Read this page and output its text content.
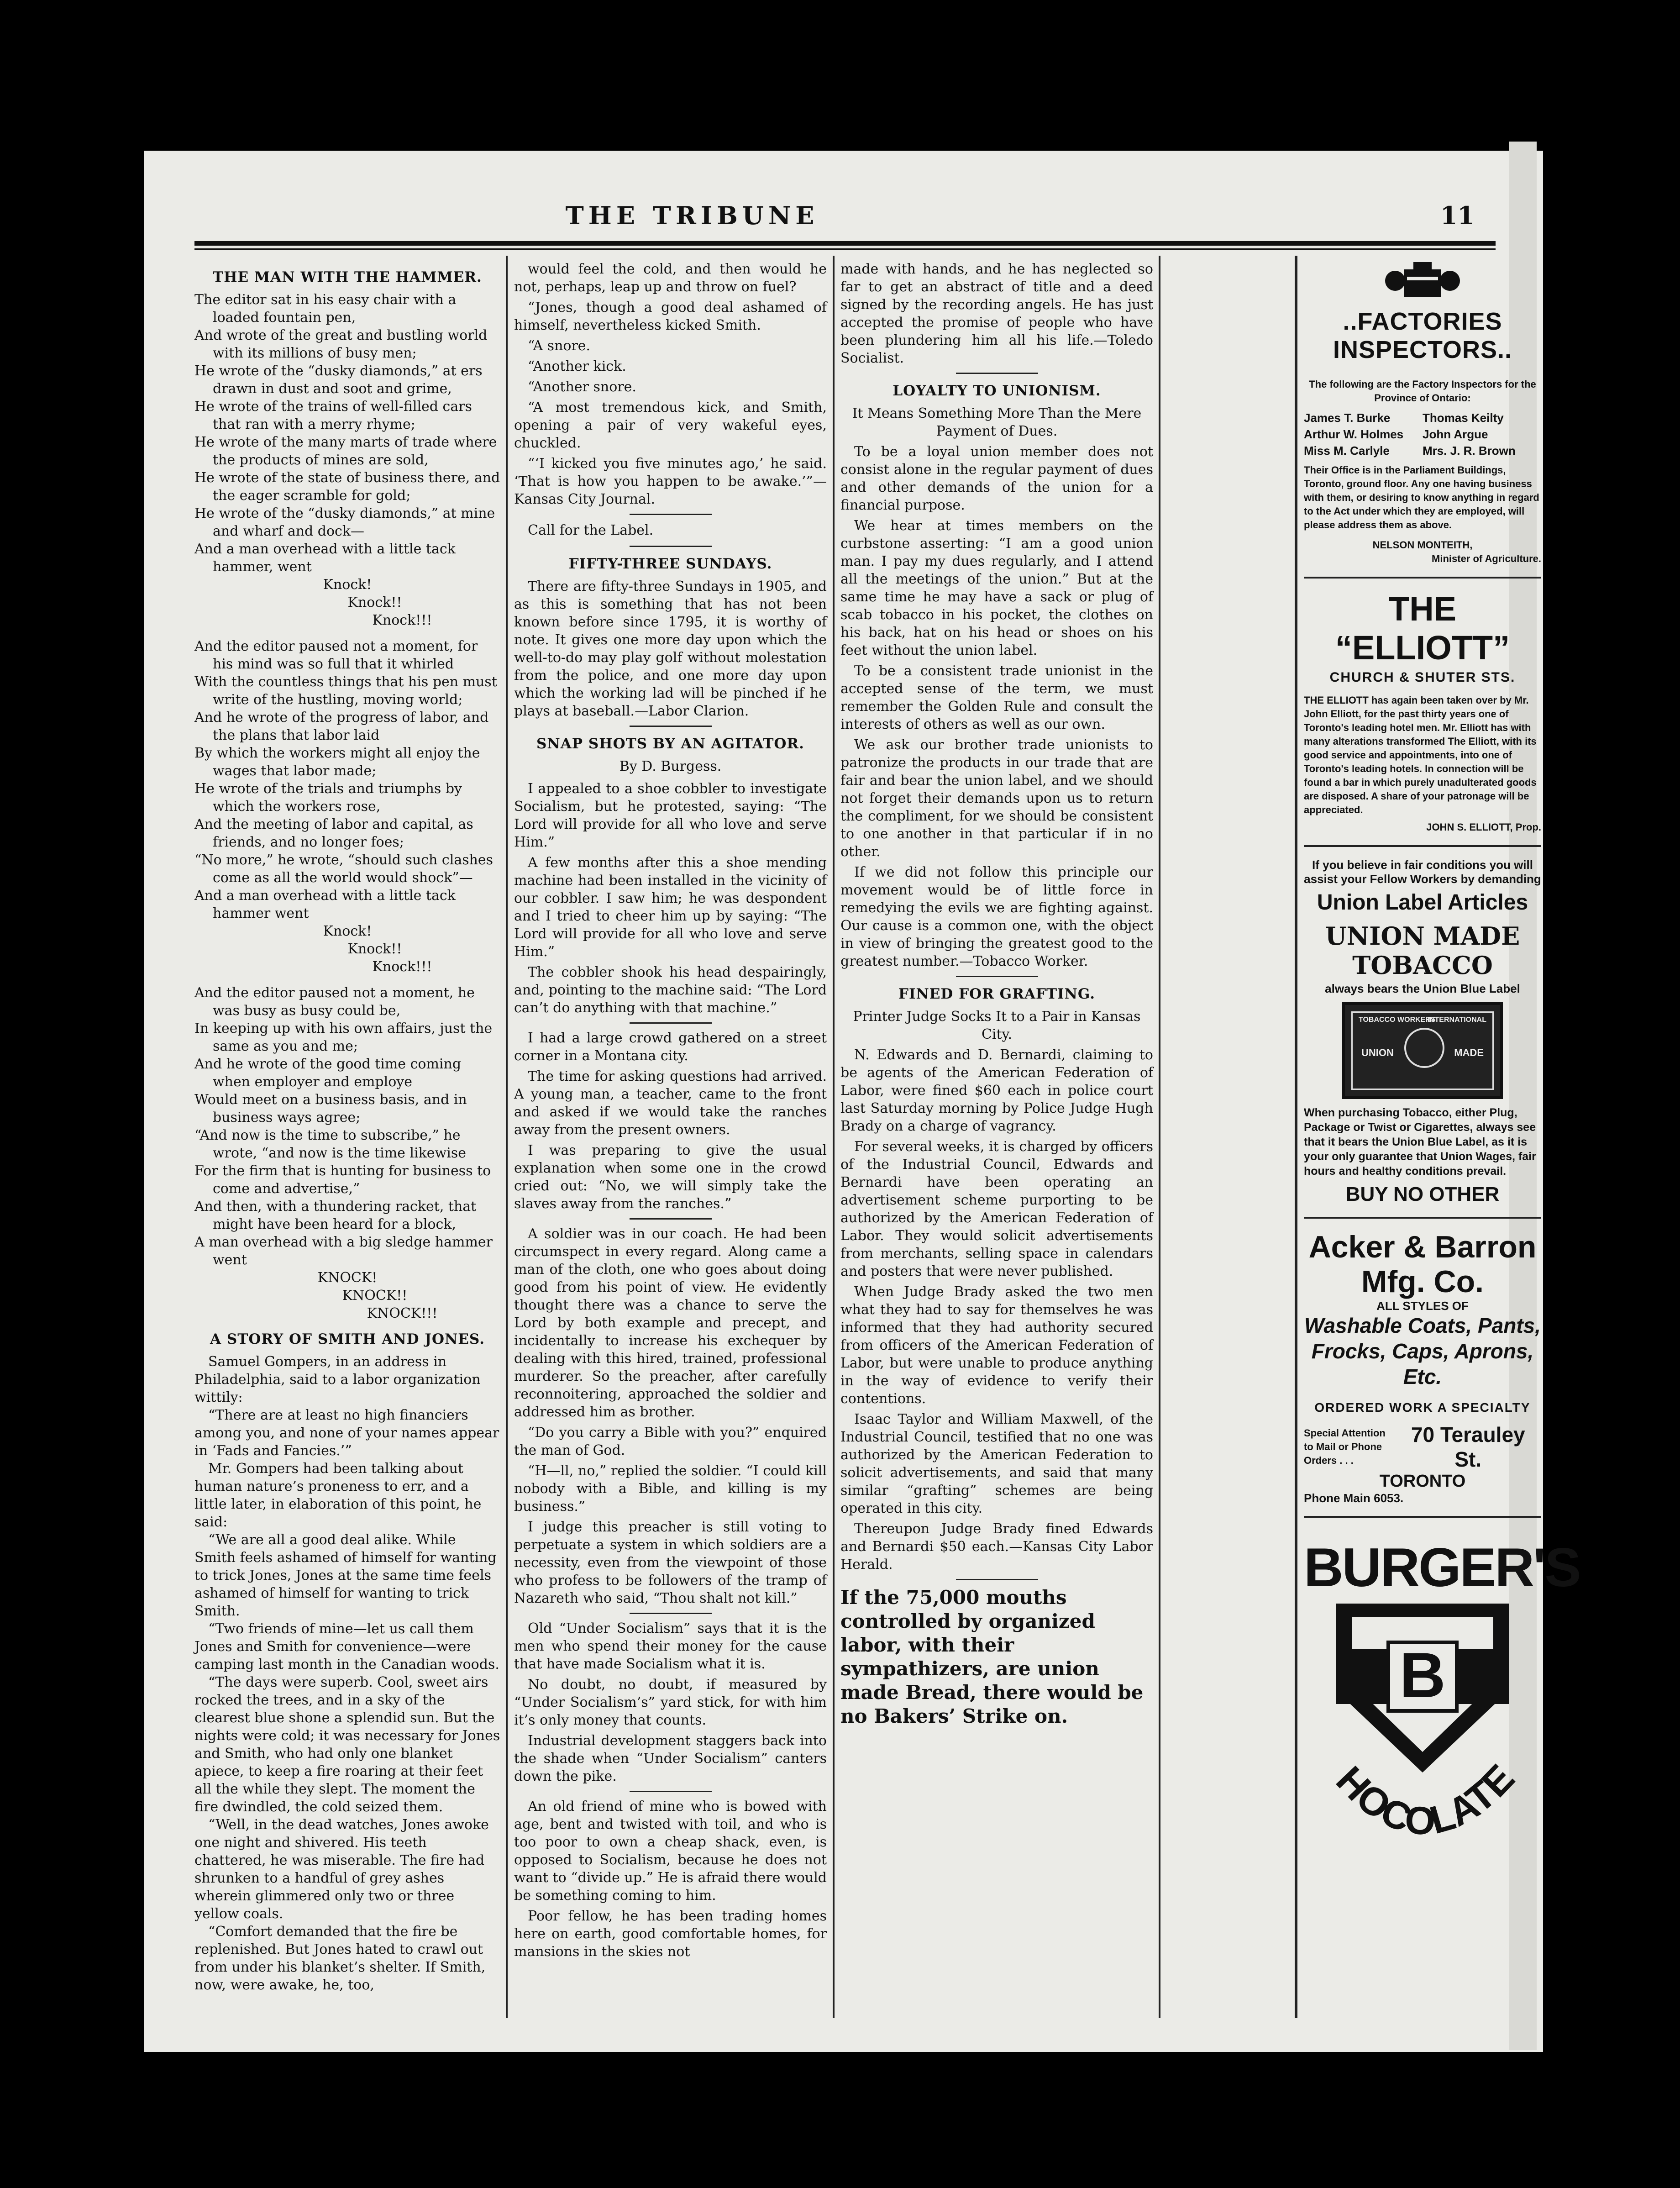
THE TRIBUNE	11
THE MAN WITH THE HAMMER.

The editor sat in his easy chair with a loaded fountain pen,

And wrote of the great and bustling world with its millions of busy men;

He wrote of the “dusky diamonds,” at ers drawn in dust and soot and grime,

He wrote of the trains of well-filled cars that ran with a merry rhyme;

He wrote of the many marts of trade where the products of mines are sold,

He wrote of the state of business there, and the eager scramble for gold;

He wrote of the “dusky diamonds,” at mine and wharf and dock—

And a man overhead with a little tack hammer, went

Knock!
Knock!!
Knock!!!

And the editor paused not a moment, for his mind was so full that it whirled

With the countless things that his pen must write of the hustling, moving world;

And he wrote of the progress of labor, and the plans that labor laid

By which the workers might all enjoy the wages that labor made;

He wrote of the trials and triumphs by which the workers rose,

And the meeting of labor and capital, as friends, and no longer foes;

“No more,” he wrote, “should such clashes come as all the world would shock”—

And a man overhead with a little tack hammer went

Knock!
Knock!!
Knock!!!

And the editor paused not a moment, he was busy as busy could be,

In keeping up with his own affairs, just the same as you and me;

And he wrote of the good time coming when employer and employe

Would meet on a business basis, and in business ways agree;

“And now is the time to subscribe,” he wrote, “and now is the time likewise

For the firm that is hunting for business to come and advertise,”

And then, with a thundering racket, that might have been heard for a block,

A man overhead with a big sledge hammer went

KNOCK!
KNOCK!!
KNOCK!!!
A STORY OF SMITH AND JONES.

Samuel Gompers, in an address in Philadelphia, said to a labor organization wittily:

“There are at least no high financiers among you, and none of your names appear in ‘Fads and Fancies.’”

Mr. Gompers had been talking about human nature’s proneness to err, and a little later, in elaboration of this point, he said:

“We are all a good deal alike. While Smith feels ashamed of himself for wanting to trick Jones, Jones at the same time feels ashamed of himself for wanting to trick Smith.

“Two friends of mine—let us call them Jones and Smith for convenience—were camping last month in the Canadian woods.

“The days were superb. Cool, sweet airs rocked the trees, and in a sky of the clearest blue shone a splendid sun. But the nights were cold; it was necessary for Jones and Smith, who had only one blanket apiece, to keep a fire roaring at their feet all the while they slept. The moment the fire dwindled, the cold seized them.

“Well, in the dead watches, Jones awoke one night and shivered. His teeth chattered, he was miserable. The fire had shrunken to a handful of grey ashes wherein glimmered only two or three yellow coals.

“Comfort demanded that the fire be replenished. But Jones hated to crawl out from under his blanket’s shelter. If Smith, now, were awake, he, too,

would feel the cold, and then would he not, perhaps, leap up and throw on fuel?

“Jones, though a good deal ashamed of himself, nevertheless kicked Smith.

“A snore.

“Another kick.

“Another snore.

“A most tremendous kick, and Smith, opening a pair of very wakeful eyes, chuckled.

“‘I kicked you five minutes ago,’ he said. ‘That is how you happen to be awake.’”—Kansas City Journal.

Call for the Label.

FIFTY-THREE SUNDAYS.

There are fifty-three Sundays in 1905, and as this is something that has not been known before since 1795, it is worthy of note. It gives one more day upon which the well-to-do may play golf without molestation from the police, and one more day upon which the working lad will be pinched if he plays at baseball.—Labor Clarion.

SNAP SHOTS BY AN AGITATOR.
By D. Burgess.

I appealed to a shoe cobbler to investigate Socialism, but he protested, saying: “The Lord will provide for all who love and serve Him.”

A few months after this a shoe mending machine had been installed in the vicinity of our cobbler. I saw him; he was despondent and I tried to cheer him up by saying: “The Lord will provide for all who love and serve Him.”

The cobbler shook his head despairingly, and, pointing to the machine said: “The Lord can’t do anything with that machine.”

I had a large crowd gathered on a street corner in a Montana city.

The time for asking questions had arrived. A young man, a teacher, came to the front and asked if we would take the ranches away from the present owners.

I was preparing to give the usual explanation when some one in the crowd cried out: “No, we will simply take the slaves away from the ranches.”

A soldier was in our coach. He had been circumspect in every regard. Along came a man of the cloth, one who goes about doing good from his point of view. He evidently thought there was a chance to serve the Lord by both example and precept, and incidentally to increase his exchequer by dealing with this hired, trained, professional murderer. So the preacher, after carefully reconnoitering, approached the soldier and addressed him as brother.

“Do you carry a Bible with you?” enquired the man of God.

“H—ll, no,” replied the soldier. “I could kill nobody with a Bible, and killing is my business.”

I judge this preacher is still voting to perpetuate a system in which soldiers are a necessity, even from the viewpoint of those who profess to be followers of the tramp of Nazareth who said, “Thou shalt not kill.”

Old “Under Socialism” says that it is the men who spend their money for the cause that have made Socialism what it is.

No doubt, no doubt, if measured by “Under Socialism’s” yard stick, for with him it’s only money that counts.

Industrial development staggers back into the shade when “Under Socialism” canters down the pike.

An old friend of mine who is bowed with age, bent and twisted with toil, and who is too poor to own a cheap shack, even, is opposed to Socialism, because he does not want to “divide up.” He is afraid there would be something coming to him.

Poor fellow, he has been trading homes here on earth, good comfortable homes, for mansions in the skies not

made with hands, and he has neglected so far to get an abstract of title and a deed signed by the recording angels. He has just accepted the promise of people who have been plundering him all his life.—Toledo Socialist.

LOYALTY TO UNIONISM.
It Means Something More Than the Mere Payment of Dues.

To be a loyal union member does not consist alone in the regular payment of dues and other demands of the union for a financial purpose.

We hear at times members on the curbstone asserting: “I am a good union man. I pay my dues regularly, and I attend all the meetings of the union.” But at the same time he may have a sack or plug of scab tobacco in his pocket, the clothes on his back, hat on his head or shoes on his feet without the union label.

To be a consistent trade unionist in the accepted sense of the term, we must remember the Golden Rule and consult the interests of others as well as our own.

We ask our brother trade unionists to patronize the products in our trade that are fair and bear the union label, and we should not forget their demands upon us to return the compliment, for we should be consistent to one another in that particular if in no other.

If we did not follow this principle our movement would be of little force in remedying the evils we are fighting against. Our cause is a common one, with the object in view of bringing the greatest good to the greatest number.—Tobacco Worker.

FINED FOR GRAFTING.
Printer Judge Socks It to a Pair in Kansas City.

N. Edwards and D. Bernardi, claiming to be agents of the American Federation of Labor, were fined $60 each in police court last Saturday morning by Police Judge Hugh Brady on a charge of vagrancy.

For several weeks, it is charged by officers of the Industrial Council, Edwards and Bernardi have been operating an advertisement scheme purporting to be authorized by the American Federation of Labor. They would solicit advertisements from merchants, selling space in calendars and posters that were never published.

When Judge Brady asked the two men what they had to say for themselves he was informed that they had authority secured from officers of the American Federation of Labor, but were unable to produce anything in the way of evidence to verify their contentions.

Isaac Taylor and William Maxwell, of the Industrial Council, testified that no one was authorized by the American Federation to solicit advertisements, and said that many similar “grafting” schemes are being operated in this city.

Thereupon Judge Brady fined Edwards and Bernardi $50 each.—Kansas City Labor Herald.

If the 75,000 mouths controlled by organized labor, with their sympathizers, are union made Bread, there would be no Bakers’ Strike on.

..FACTORIES INSPECTORS..
The following are the Factory Inspectors for the Province of Ontario:
James T. Burke	Thomas Keilty
Arthur W. Holmes	John Argue
Miss M. Carlyle	Mrs. J. R. Brown
Their Office is in the Parliament Buildings, Toronto, ground floor. Any one having business with them, or desiring to know anything in regard to the Act under which they are employed, will please address them as above.
NELSON MONTEITH,
Minister of Agriculture.
THE “ELLIOTT”
CHURCH & SHUTER STS.
THE ELLIOTT has again been taken over by Mr. John Elliott, for the past thirty years one of Toronto's leading hotel men. Mr. Elliott has with many alterations transformed The Elliott, with its good service and appointments, into one of Toronto's leading hotels. In connection will be found a bar in which purely unadulterated goods are disposed. A share of your patronage will be appreciated.
JOHN S. ELLIOTT, Prop.
If you believe in fair conditions you will assist your Fellow Workers by demanding
Union Label Articles
UNION MADE TOBACCO
always bears the Union Blue Label
TOBACCO WORKERS
INTERNATIONAL
UNION	MADE
When purchasing Tobacco, either Plug, Package or Twist or Cigarettes, always see that it bears the Union Blue Label, as it is your only guarantee that Union Wages, fair hours and healthy conditions prevail.
BUY NO OTHER
Acker & Barron Mfg. Co.
ALL STYLES OF
Washable Coats, Pants, Frocks, Caps, Aprons, Etc.
ORDERED WORK A SPECIALTY
Special Attention to Mail or Phone Orders . . .
70 Terauley St.
TORONTO
Phone Main 6053.
BURGER'S
B
HOCOLATE
